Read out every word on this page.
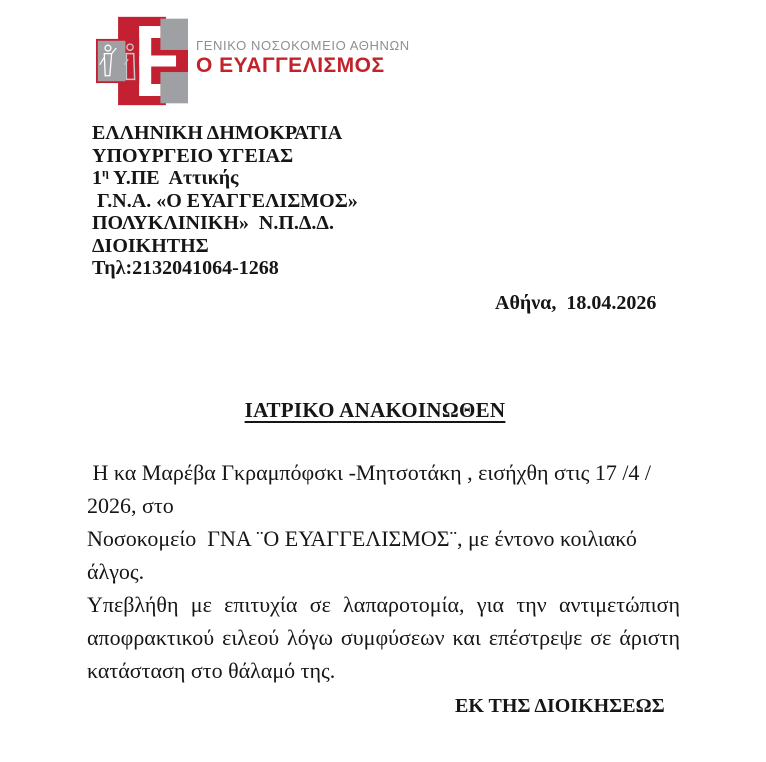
ΓΕΝΙΚΟ ΝΟΣΟΚΟΜΕΙΟ ΑΘΗΝΩΝ
Ο ΕΥΑΓΓΕΛΙΣΜΟΣ
ΕΛΛΗΝΙΚΗ ΔΗΜΟΚΡΑΤΙΑ
ΥΠΟΥΡΓΕΙΟ ΥΓΕΙΑΣ
$1^\eta$ Υ.ΠΕ  Αττικής
Γ.Ν.Α. «Ο ΕΥΑΓΓΕΛΙΣΜΟΣ»
ΠΟΛΥΚΛΙΝΙΚΗ»  Ν.Π.Δ.Δ.
ΔΙΟΙΚΗΤΗΣ
Τηλ:2132041064-1268
Αθήνα,  18.04.2026
ΙΑΤΡΙΚΟ ΑΝΑΚΟΙΝΩΘΕΝ
Η κα Μαρέβα Γκραμπόφσκι -Μητσοτάκη , εισήχθη στις 17 /4 / 2026, στο
Νοσοκομείο  ΓΝΑ ¨Ο ΕΥΑΓΓΕΛΙΣΜΟΣ¨, με έντονο κοιλιακό άλγος.
Υπεβλήθη με επιτυχία σε λαπαροτομία, για την αντιμετώπιση
αποφρακτικού ειλεού λόγω συμφύσεων και επέστρεψε σε άριστη
κατάσταση στο θάλαμό της.
ΕΚ ΤΗΣ ΔΙΟΙΚΗΣΕΩΣ
